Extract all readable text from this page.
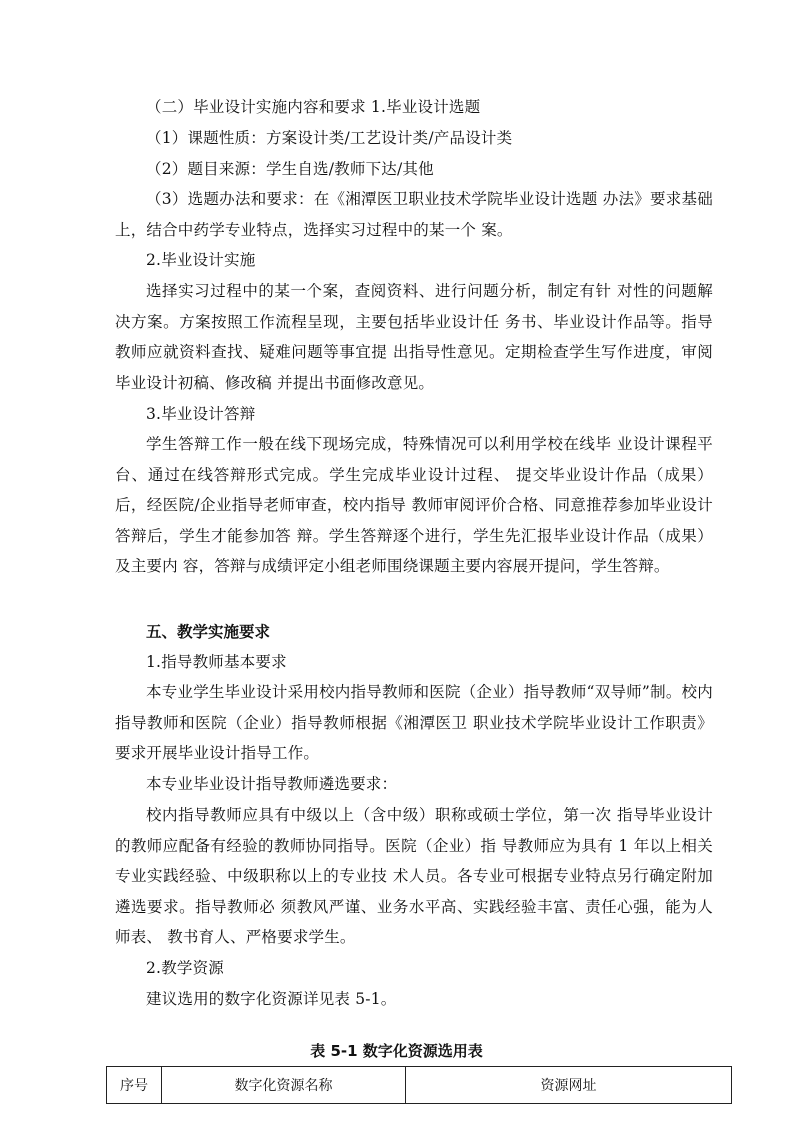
（二）毕业设计实施内容和要求 1.毕业设计选题

（1）课题性质：方案设计类/工艺设计类/产品设计类

（2）题目来源：学生自选/教师下达/其他

（3）选题办法和要求：在《湘潭医卫职业技术学院毕业设计选题 办法》要求基础上，结合中药学专业特点，选择实习过程中的某一个 案。

2.毕业设计实施

选择实习过程中的某一个案，查阅资料、进行问题分析，制定有针 对性的问题解决方案。方案按照工作流程呈现，主要包括毕业设计任 务书、毕业设计作品等。指导教师应就资料查找、疑难问题等事宜提 出指导性意见。定期检查学生写作进度，审阅毕业设计初稿、修改稿 并提出书面修改意见。

3.毕业设计答辩

学生答辩工作一般在线下现场完成，特殊情况可以利用学校在线毕 业设计课程平台、通过在线答辩形式完成。学生完成毕业设计过程、 提交毕业设计作品（成果）后，经医院/企业指导老师审查，校内指导 教师审阅评价合格、同意推荐参加毕业设计答辩后，学生才能参加答 辩。学生答辩逐个进行，学生先汇报毕业设计作品（成果）及主要内 容，答辩与成绩评定小组老师围绕课题主要内容展开提问，学生答辩。

五、教学实施要求

1.指导教师基本要求

本专业学生毕业设计采用校内指导教师和医院（企业）指导教师“双导师”制。校内指导教师和医院（企业）指导教师根据《湘潭医卫 职业技术学院毕业设计工作职责》要求开展毕业设计指导工作。

本专业毕业设计指导教师遴选要求：

校内指导教师应具有中级以上（含中级）职称或硕士学位，第一次 指导毕业设计的教师应配备有经验的教师协同指导。医院（企业）指 导教师应为具有 1 年以上相关专业实践经验、中级职称以上的专业技 术人员。各专业可根据专业特点另行确定附加遴选要求。指导教师必 须教风严谨、业务水平高、实践经验丰富、责任心强，能为人师表、 教书育人、严格要求学生。

2.教学资源

建议选用的数字化资源详见表 5-1。

表 5-1 数字化资源选用表
序号	数字化资源名称	资源网址
